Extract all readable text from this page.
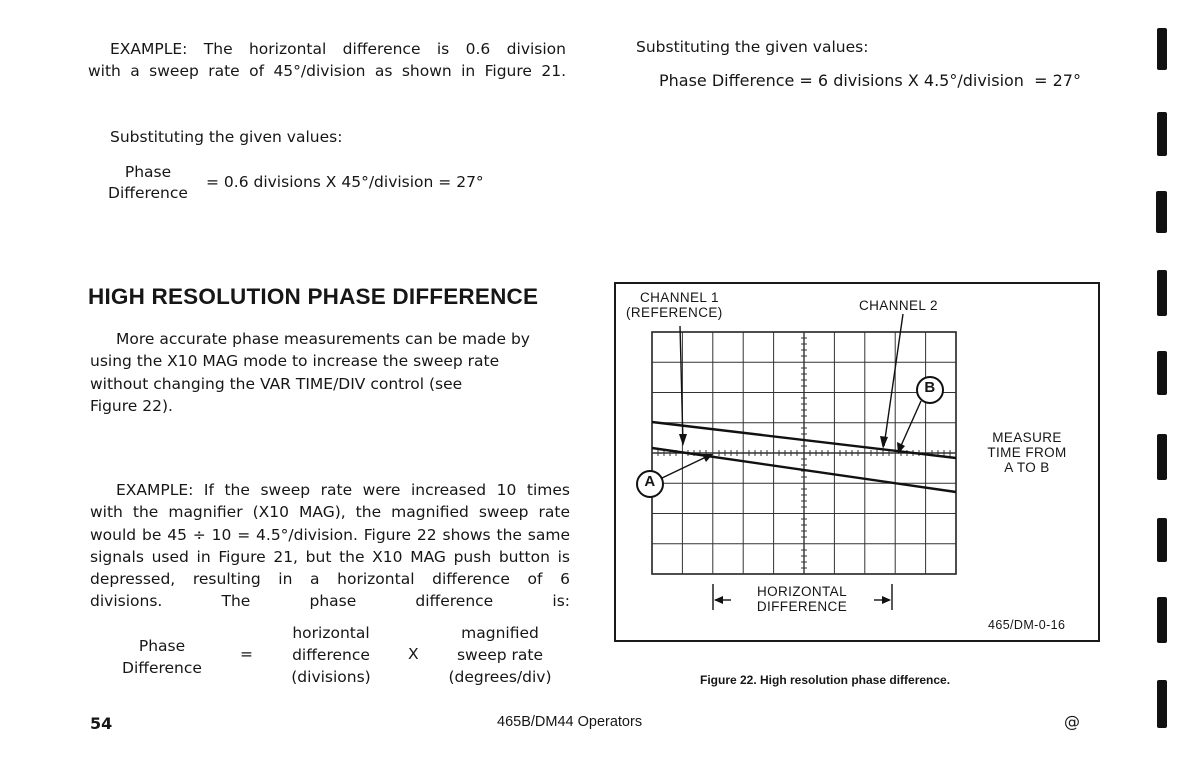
EXAMPLE: The horizontal difference is 0.6 division
with a sweep rate of 45°/division as shown in Figure 21.
Substituting the given values:
Phase
Difference
= 0.6 divisions X 45°/division = 27°
HIGH RESOLUTION PHASE DIFFERENCE
More accurate phase measurements can be made by
using the X10 MAG mode to increase the sweep rate
without changing the VAR TIME/DIV control (see
Figure 22).
EXAMPLE: If the sweep rate were increased 10 times
with the magnifier (X10 MAG), the magnified sweep rate
would be 45 ÷ 10 = 4.5°/division. Figure 22 shows the same
signals used in Figure 21, but the X10 MAG push button is
depressed, resulting in a horizontal difference of 6
divisions. The phase difference is:
Phase
Difference
=
horizontal
difference
(divisions)
X
magnified
sweep rate
(degrees/div)
Substituting the given values:
Phase Difference = 6 divisions X 4.5°/division  = 27°
CHANNEL 1
(REFERENCE)	CHANNEL 2
A
B
MEASURE
TIME FROM
A TO B
HORIZONTAL
DIFFERENCE
465/DM-0-16
Figure 22. High resolution phase difference.
54	465B/DM44 Operators	@
